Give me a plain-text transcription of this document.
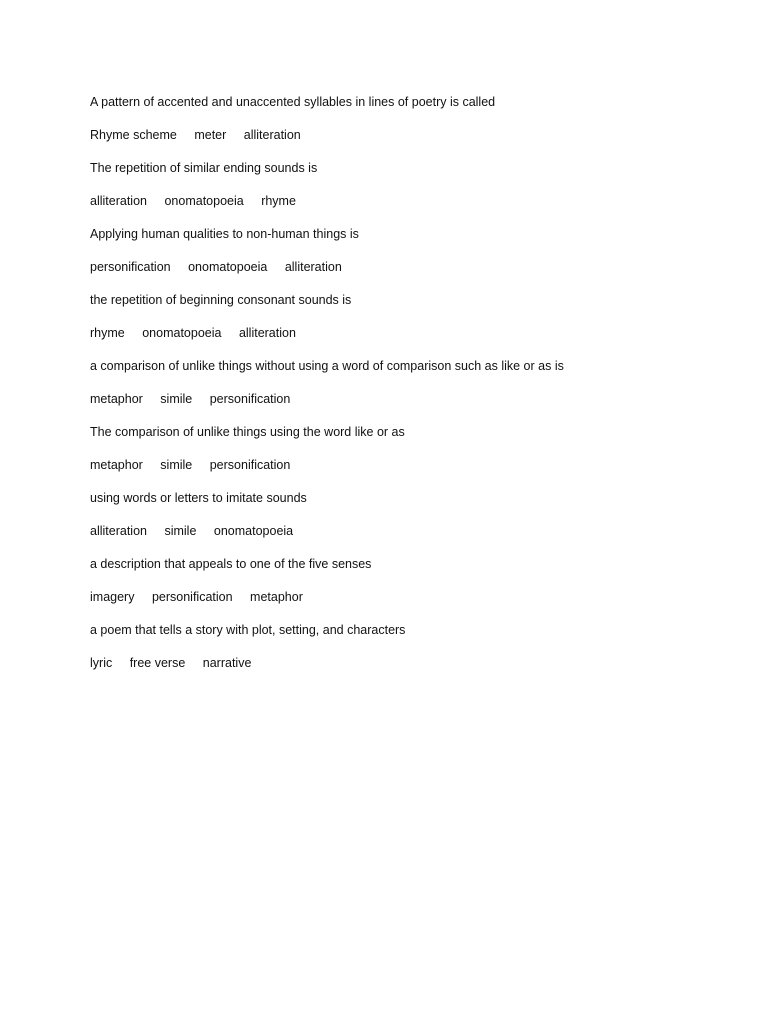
A pattern of accented and unaccented syllables in lines of poetry is called
Rhyme scheme meter alliteration
The repetition of similar ending sounds is
alliteration onomatopoeia rhyme
Applying human qualities to non-human things is
personification onomatopoeia alliteration
the repetition of beginning consonant sounds is
rhyme onomatopoeia alliteration
a comparison of unlike things without using a word of comparison such as like or as is
metaphor simile personification
The comparison of unlike things using the word like or as
metaphor simile personification
using words or letters to imitate sounds
alliteration simile onomatopoeia
a description that appeals to one of the five senses
imagery personification metaphor
a poem that tells a story with plot, setting, and characters
lyric free verse narrative
